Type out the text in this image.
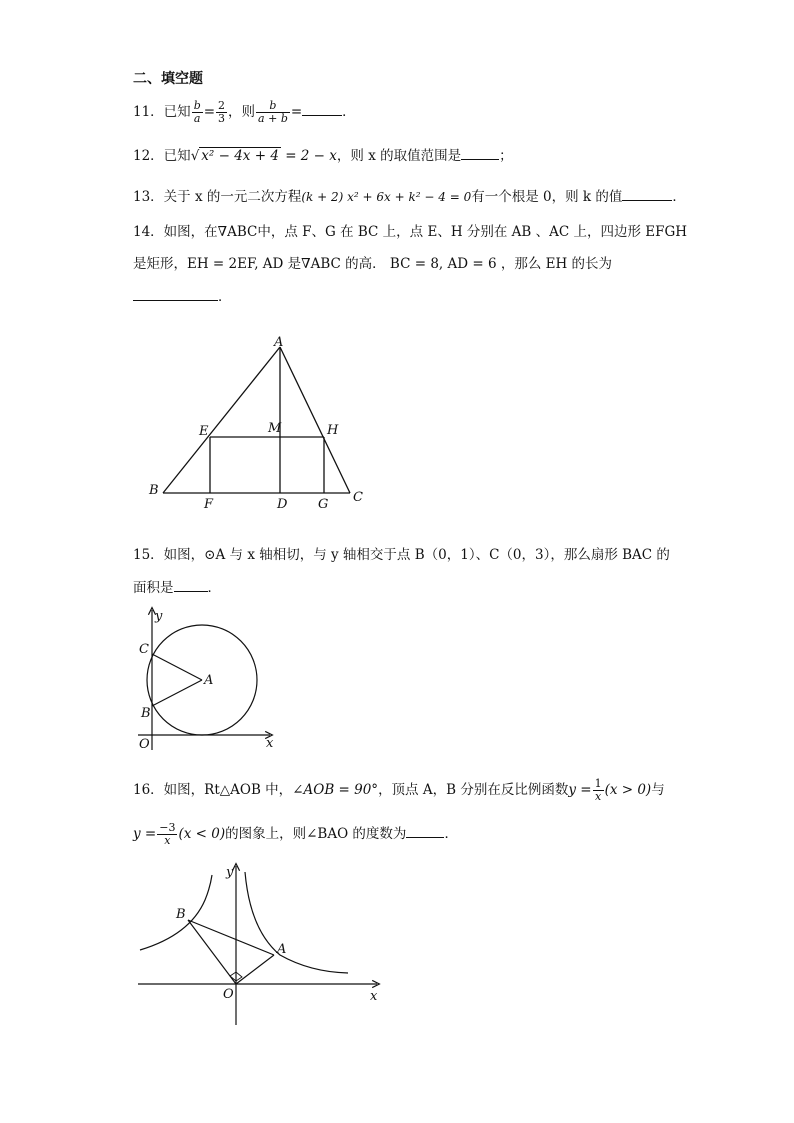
二、填空题
11．已知 $\frac{b}{a} = \frac{2}{3}$ ，则 $\frac{b}{a + b}$ =	．
12．已知√ x² − 4x + 4 = 2 − x，则 x 的取值范围是	；
13．关于 x 的一元二次方程(k + 2) x² + 6x + k² − 4 = 0有一个根是 0，则 k 的值	．
14．如图，在∇ABC中，点 F、G 在 BC 上，点 E、H 分别在 AB 、AC 上，四边形 EFGH
是矩形，EH = 2EF, AD 是∇ABC 的高． BC = 8, AD = 6 ，那么 EH 的长为
．
A
B	C
D
E
F	G
H
M
15．如图，⊙A 与 x 轴相切，与 y 轴相交于点 B（0，1）、C（0，3），那么扇形 BAC 的
面积是	．
y
x
C
A
B
O
16．如图，Rt△AOB 中，∠AOB = 90°，顶点 A，B 分别在反比例函数$y = \frac{1}{x} (x > 0)$与
$y = \frac{-3}{x} (x < 0)$的图象上，则∠BAO 的度数为	．
y
x
B
A
O
